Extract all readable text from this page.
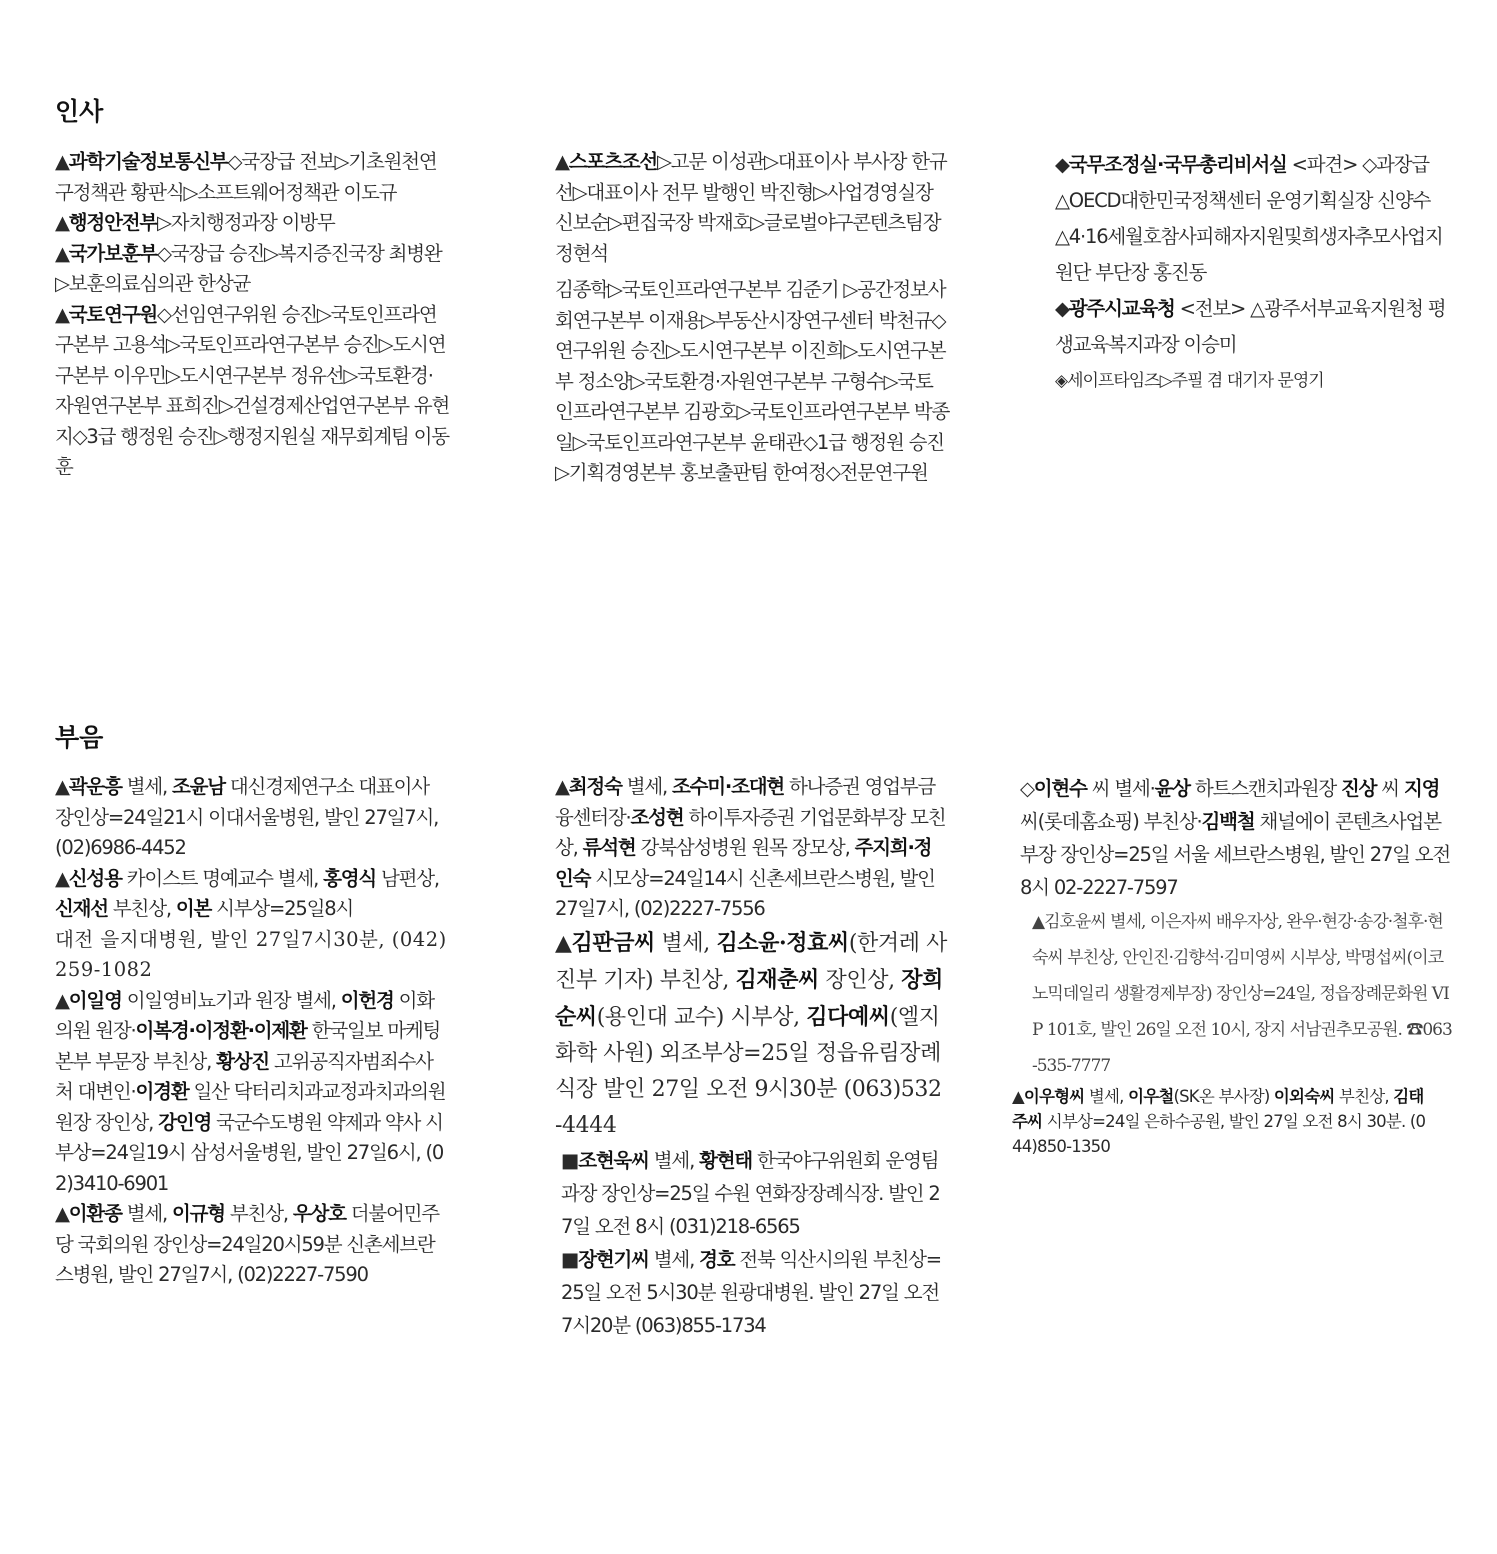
인사

▲과학기술정보통신부◇국장급 전보▷기초원천연구정책관 황판식▷소프트웨어정책관 이도규

▲행정안전부▷자치행정과장 이방무

▲국가보훈부◇국장급 승진▷복지증진국장 최병완▷보훈의료심의관 한상균

▲국토연구원◇선임연구위원 승진▷국토인프라연구본부 고용석▷국토인프라연구본부 승진▷도시연구본부 이우민▷도시연구본부 정유선▷국토환경·자원연구본부 표희진▷건설경제산업연구본부 유현지◇3급 행정원 승진▷행정지원실 재무회계팀 이동훈

▲스포츠조선▷고문 이성관▷대표이사 부사장 한규선▷대표이사 전무 발행인 박진형▷사업경영실장 신보순▷편집국장 박재호▷글로벌야구콘텐츠팀장 정현석

김종학▷국토인프라연구본부 김준기 ▷공간정보사회연구본부 이재용▷부동산시장연구센터 박천규◇연구위원 승진▷도시연구본부 이진희▷도시연구본부 정소양▷국토환경·자원연구본부 구형수▷국토인프라연구본부 김광호▷국토인프라연구본부 박종일▷국토인프라연구본부 윤태관◇1급 행정원 승진▷기획경영본부 홍보출판팀 한여정◇전문연구원

◆국무조정실·국무총리비서실 <파견> ◇과장급 △OECD대한민국정책센터 운영기획실장 신양수 △4·16세월호참사피해자지원및희생자추모사업지원단 부단장 홍진동

◆광주시교육청 <전보> △광주서부교육지원청 평생교육복지과장 이승미

◈세이프타임즈▷주필 겸 대기자 문영기

부음

▲곽운흥 별세, 조윤남 대신경제연구소 대표이사 장인상=24일21시 이대서울병원, 발인 27일7시, (02)6986-4452

▲신성용 카이스트 명예교수 별세, 홍영식 남편상, 신재선 부친상, 이본 시부상=25일8시

대전 을지대병원, 발인 27일7시30분, (042)259-1082

▲이일영 이일영비뇨기과 원장 별세, 이헌경 이화의원 원장·이복경·이정환·이제환 한국일보 마케팅본부 부문장 부친상, 황상진 고위공직자범죄수사처 대변인·이경환 일산 닥터리치과교정과치과의원 원장 장인상, 강인영 국군수도병원 약제과 약사 시부상=24일19시 삼성서울병원, 발인 27일6시, (02)3410-6901

▲이환종 별세, 이규형 부친상, 우상호 더불어민주당 국회의원 장인상=24일20시59분 신촌세브란스병원, 발인 27일7시, (02)2227-7590

▲최정숙 별세, 조수미·조대현 하나증권 영업부금융센터장·조성현 하이투자증권 기업문화부장 모친상, 류석현 강북삼성병원 원목 장모상, 주지희·정인숙 시모상=24일14시 신촌세브란스병원, 발인 27일7시, (02)2227-7556

▲김판금씨 별세, 김소윤·정효씨(한겨레 사진부 기자) 부친상, 김재춘씨 장인상, 장희순씨(용인대 교수) 시부상, 김다예씨(엘지화학 사원) 외조부상=25일 정읍유림장례식장 발인 27일 오전 9시30분 (063)532-4444

■조현욱씨 별세, 황현태 한국야구위원회 운영팀 과장 장인상=25일 수원 연화장장례식장. 발인 27일 오전 8시 (031)218-6565

■장현기씨 별세, 경호 전북 익산시의원 부친상=25일 오전 5시30분 원광대병원. 발인 27일 오전 7시20분 (063)855-1734

◇이현수 씨 별세·윤상 하트스캔치과원장 진상 씨 지영 씨(롯데홈쇼핑) 부친상·김백철 채널에이 콘텐츠사업본부장 장인상=25일 서울 세브란스병원, 발인 27일 오전 8시 02-2227-7597

▲김호윤씨 별세, 이은자씨 배우자상, 완우·현강·송강·철후·현숙씨 부친상, 안인진·김향석·김미영씨 시부상, 박명섭씨(이코노믹데일리 생활경제부장) 장인상=24일, 정읍장례문화원 VIP 101호, 발인 26일 오전 10시, 장지 서남권추모공원. ☎063-535-7777

▲이우형씨 별세, 이우철(SK온 부사장) 이외숙씨 부친상, 김태주씨 시부상=24일 은하수공원, 발인 27일 오전 8시 30분. (044)850-1350
